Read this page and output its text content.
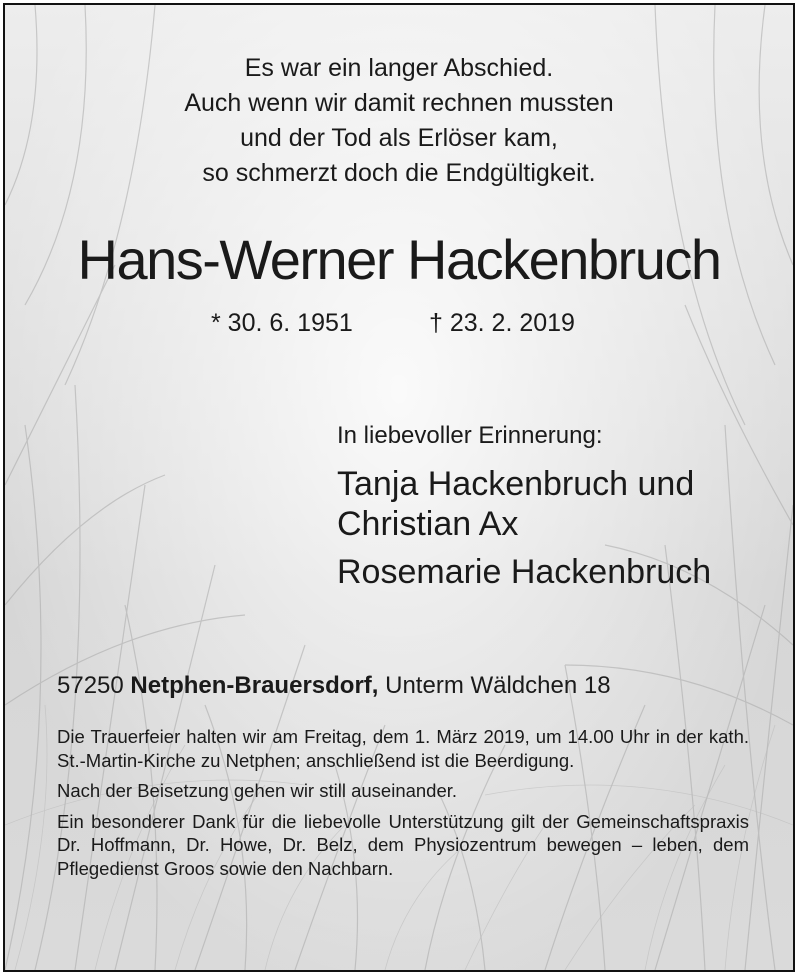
Es war ein langer Abschied.
Auch wenn wir damit rechnen mussten
und der Tod als Erlöser kam,
so schmerzt doch die Endgültigkeit.
Hans-Werner Hackenbruch
* 30. 6. 1951	† 23. 2. 2019
In liebevoller Erinnerung:
Tanja Hackenbruch und
Christian Ax
Rosemarie Hackenbruch
57250 Netphen-Brauersdorf, Unterm Wäldchen 18

Die Trauerfeier halten wir am Freitag, dem 1. März 2019, um 14.00 Uhr in der kath. St.-Martin-Kirche zu Netphen; anschließend ist die Beerdigung.

Nach der Beisetzung gehen wir still auseinander.

Ein besonderer Dank für die liebevolle Unterstützung gilt der Gemeinschaftspraxis Dr. Hoffmann, Dr. Howe, Dr. Belz, dem Physiozentrum bewegen – leben, dem Pflegedienst Groos sowie den Nachbarn.
